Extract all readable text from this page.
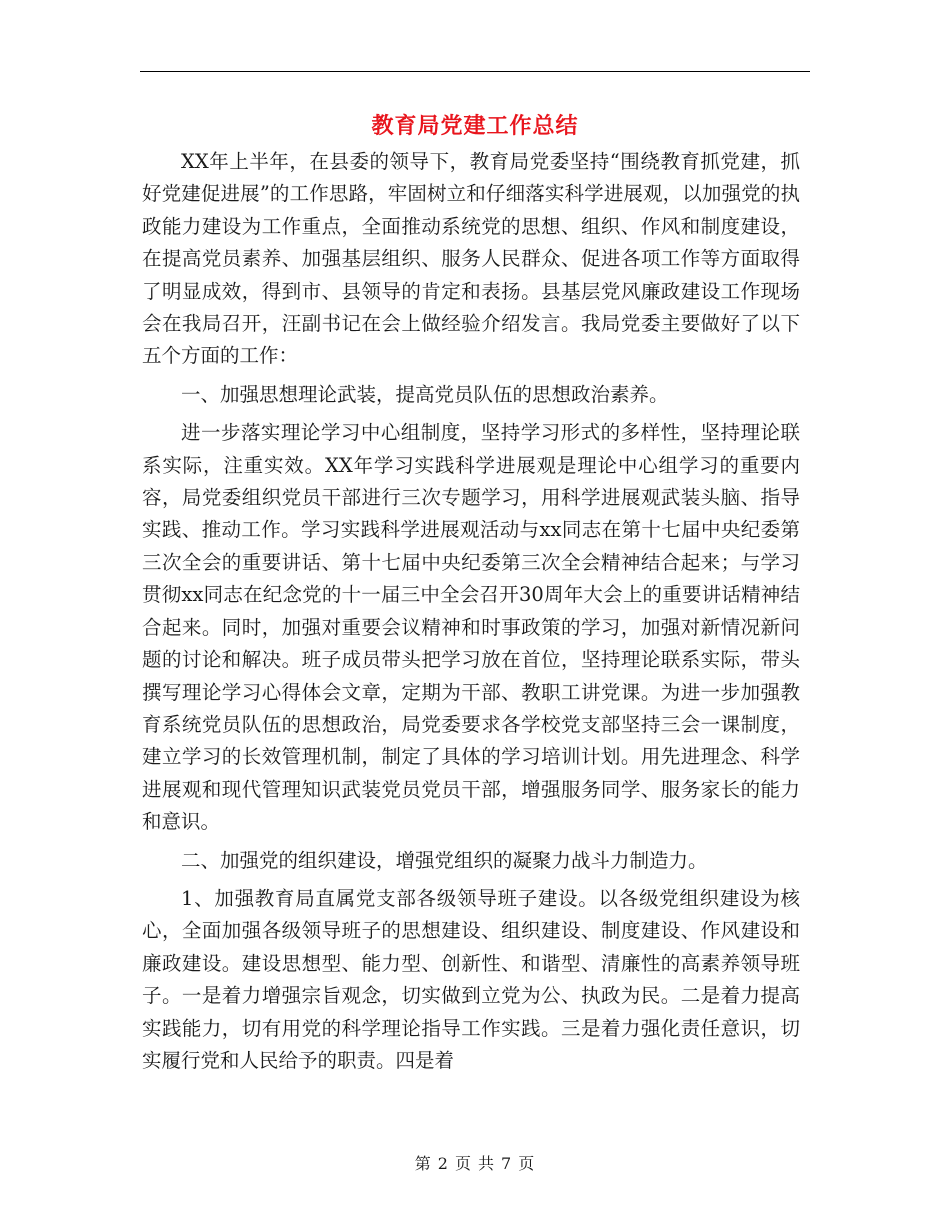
教育局党建工作总结

XX年上半年，在县委的领导下，教育局党委坚持“围绕教育抓党建，抓好党建促进展”的工作思路，牢固树立和仔细落实科学进展观，以加强党的执政能力建设为工作重点，全面推动系统党的思想、组织、作风和制度建设，在提高党员素养、加强基层组织、服务人民群众、促进各项工作等方面取得了明显成效，得到市、县领导的肯定和表扬。县基层党风廉政建设工作现场会在我局召开，汪副书记在会上做经验介绍发言。我局党委主要做好了以下五个方面的工作：

一、加强思想理论武装，提高党员队伍的思想政治素养。

进一步落实理论学习中心组制度，坚持学习形式的多样性，坚持理论联系实际，注重实效。XX年学习实践科学进展观是理论中心组学习的重要内容，局党委组织党员干部进行三次专题学习，用科学进展观武装头脑、指导实践、推动工作。学习实践科学进展观活动与xx同志在第十七届中央纪委第三次全会的重要讲话、第十七届中央纪委第三次全会精神结合起来；与学习贯彻xx同志在纪念党的十一届三中全会召开30周年大会上的重要讲话精神结合起来。同时，加强对重要会议精神和时事政策的学习，加强对新情况新问题的讨论和解决。班子成员带头把学习放在首位，坚持理论联系实际，带头撰写理论学习心得体会文章，定期为干部、教职工讲党课。为进一步加强教育系统党员队伍的思想政治，局党委要求各学校党支部坚持三会一课制度，建立学习的长效管理机制，制定了具体的学习培训计划。用先进理念、科学进展观和现代管理知识武装党员党员干部，增强服务同学、服务家长的能力和意识。

二、加强党的组织建设，增强党组织的凝聚力战斗力制造力。

1、加强教育局直属党支部各级领导班子建设。以各级党组织建设为核心，全面加强各级领导班子的思想建设、组织建设、制度建设、作风建设和廉政建设。建设思想型、能力型、创新性、和谐型、清廉性的高素养领导班子。一是着力增强宗旨观念，切实做到立党为公、执政为民。二是着力提高实践能力，切有用党的科学理论指导工作实践。三是着力强化责任意识，切实履行党和人民给予的职责。四是着

第 2 页 共 7 页
